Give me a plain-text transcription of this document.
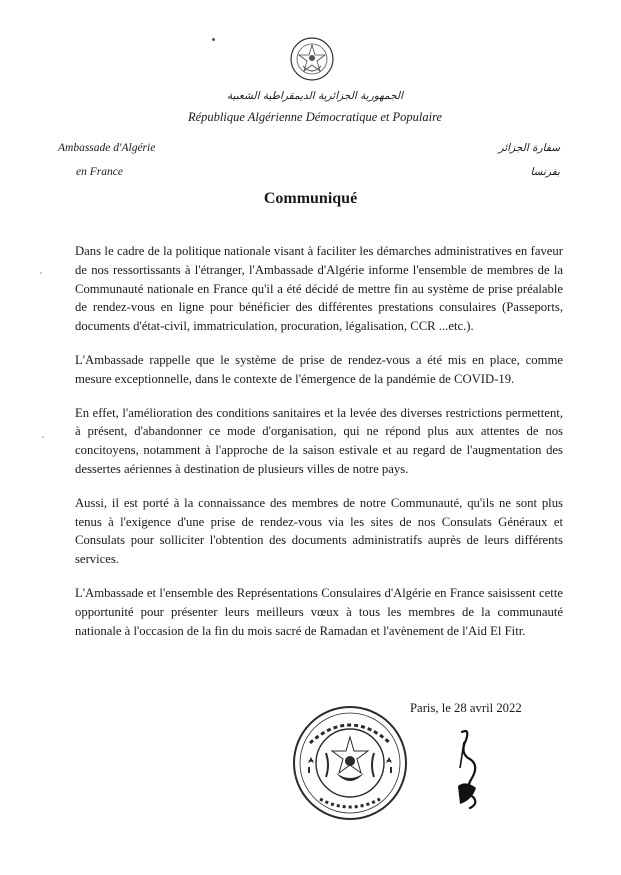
الجمهورية الجزائرية الديمقراطية الشعبية
République Algérienne Démocratique et Populaire
Ambassade d'Algérie
en France
سفارة الجزائر
بفرنسا
Communiqué

Dans le cadre de la politique nationale visant à faciliter les démarches administratives en faveur de nos ressortissants à l'étranger, l'Ambassade d'Algérie informe l'ensemble de membres de la Communauté nationale en France qu'il a été décidé de mettre fin au système de prise préalable de rendez-vous en ligne pour bénéficier des différentes prestations consulaires (Passeports, documents d'état-civil, immatriculation, procuration, légalisation, CCR ...etc.).

L'Ambassade rappelle que le système de prise de rendez-vous a été mis en place, comme mesure exceptionnelle, dans le contexte de l'émergence de la pandémie de COVID-19.

En effet, l'amélioration des conditions sanitaires et la levée des diverses restrictions permettent, à présent, d'abandonner ce mode d'organisation, qui ne répond plus aux attentes de nos concitoyens, notamment à l'approche de la saison estivale et au regard de l'augmentation des dessertes aériennes à destination de plusieurs villes de notre pays.

Aussi, il est porté à la connaissance des membres de notre Communauté, qu'ils ne sont plus tenus à l'exigence d'une prise de rendez-vous via les sites de nos Consulats Généraux et Consulats pour solliciter l'obtention des documents administratifs auprès de leurs différents services.

L'Ambassade et l'ensemble des Représentations Consulaires d'Algérie en France saisissent cette opportunité pour présenter leurs meilleurs vœux à tous les membres de la communauté nationale à l'occasion de la fin du mois sacré de Ramadan et l'avènement de l'Aid El Fitr.

Paris, le 28 avril 2022
